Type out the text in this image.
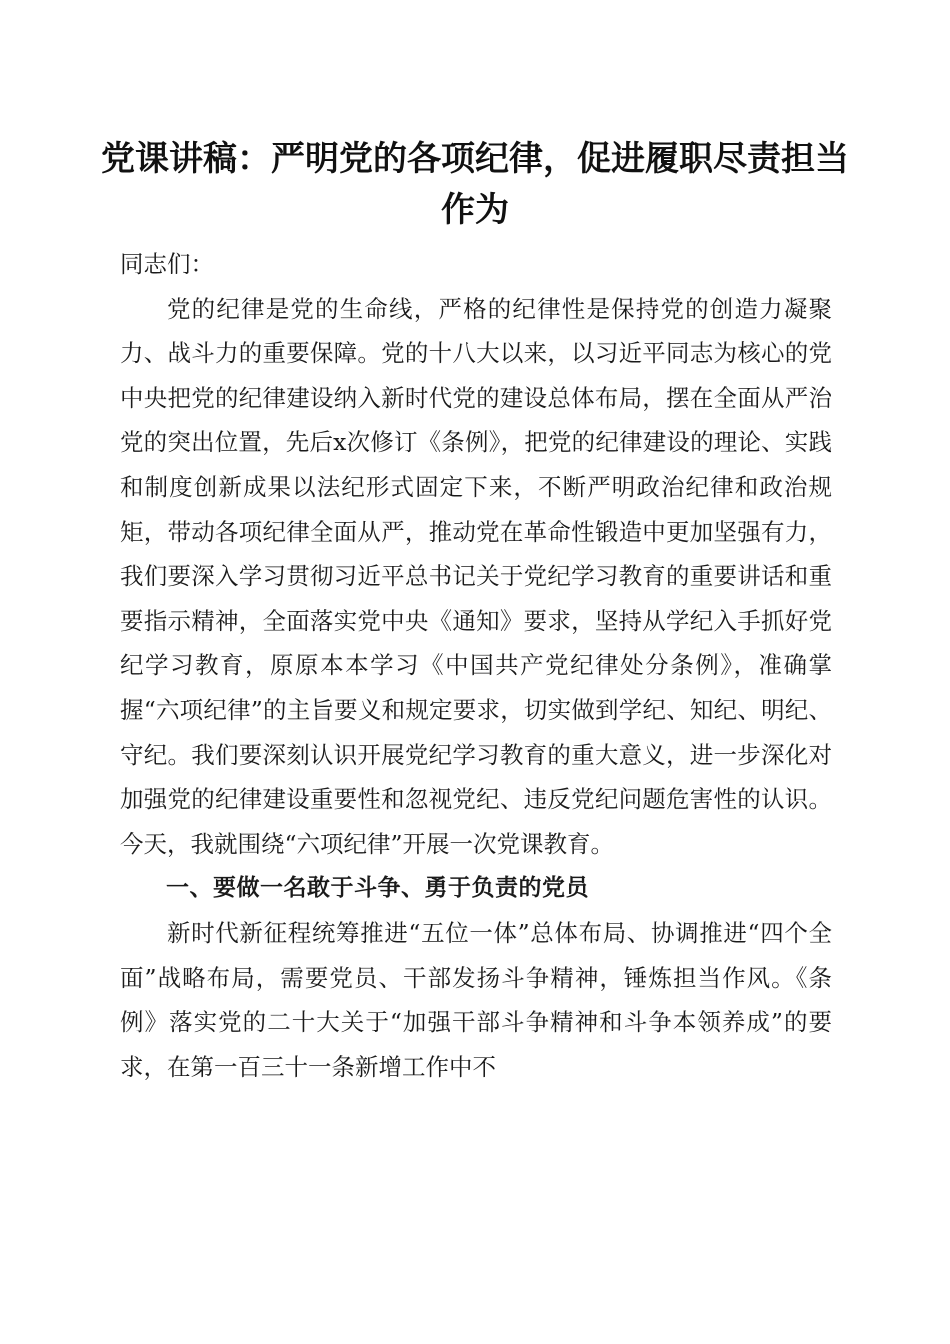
党课讲稿：严明党的各项纪律，促进履职尽责担当作为

同志们：

党的纪律是党的生命线，严格的纪律性是保持党的创造力凝聚力、战斗力的重要保障。党的十八大以来，以习近平同志为核心的党中央把党的纪律建设纳入新时代党的建设总体布局，摆在全面从严治党的突出位置，先后x次修订《条例》，把党的纪律建设的理论、实践和制度创新成果以法纪形式固定下来，不断严明政治纪律和政治规矩，带动各项纪律全面从严，推动党在革命性锻造中更加坚强有力，我们要深入学习贯彻习近平总书记关于党纪学习教育的重要讲话和重要指示精神，全面落实党中央《通知》要求，坚持从学纪入手抓好党纪学习教育，原原本本学习《中国共产党纪律处分条例》，准确掌握“六项纪律”的主旨要义和规定要求，切实做到学纪、知纪、明纪、守纪。我们要深刻认识开展党纪学习教育的重大意义，进一步深化对加强党的纪律建设重要性和忽视党纪、违反党纪问题危害性的认识。今天，我就围绕“六项纪律”开展一次党课教育。

一、要做一名敢于斗争、勇于负责的党员

新时代新征程统筹推进“五位一体”总体布局、协调推进“四个全面”战略布局，需要党员、干部发扬斗争精神，锤炼担当作风。《条例》落实党的二十大关于“加强干部斗争精神和斗争本领养成”的要求，在第一百三十一条新增工作中不
